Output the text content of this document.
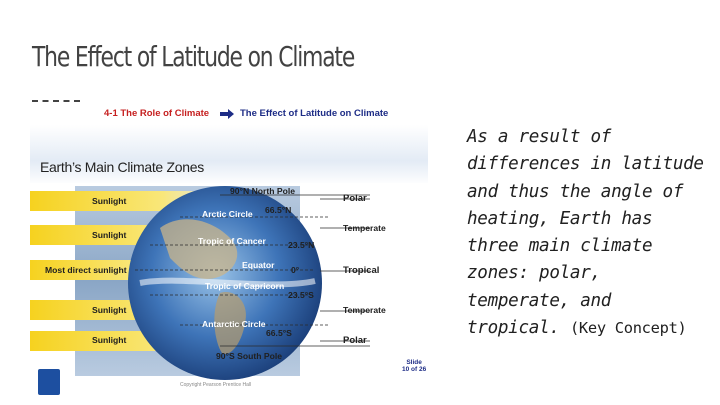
The Effect of Latitude on Climate
4-1 The Role of Climate	The Effect of Latitude on Climate
Earth’s Main Climate Zones
Sunlight
Sunlight
Most direct sunlight
Sunlight
Sunlight
90°N North Pole
Arctic Circle 66.5°N
Tropic of Cancer	23.5°N
Equator 0°
Tropic of Capricorn
23.5°S
Antarctic Circle
66.5°S
90°S South Pole
Polar
Temperate
Tropical
Temperate
Polar
Slide
10 of 26
Copyright Pearson Prentice Hall
As a result of differences in latitude and thus the angle of heating, Earth has three main climate zones: polar, temperate, and tropical. (Key Concept)
